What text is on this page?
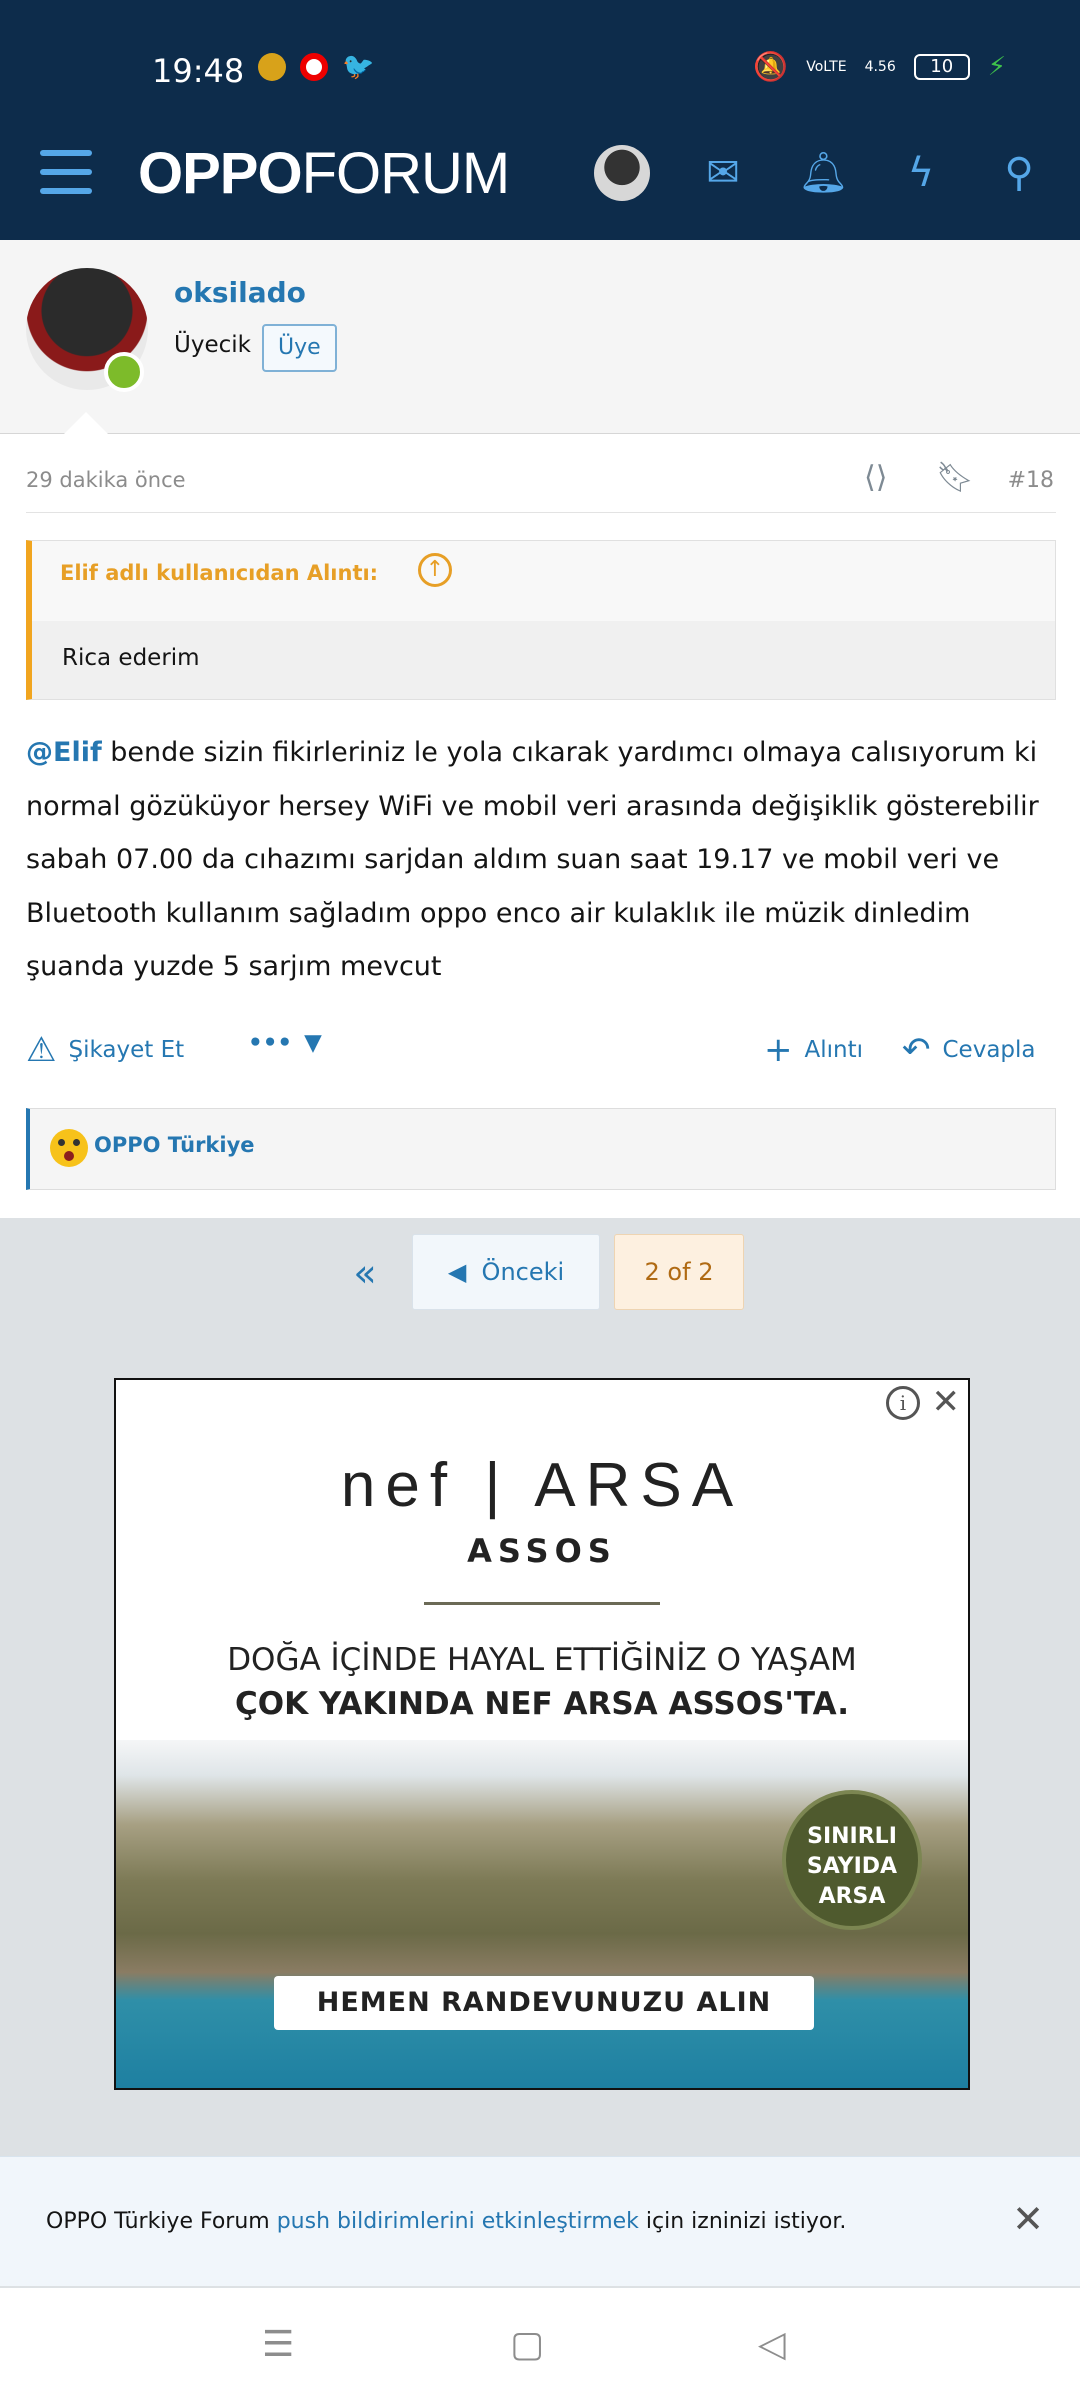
19:48	🐦	🔕 VoLTE 4.56	10	⚡
OPPOFORUM	✉ 🔔︎ ϟ ⚲
oksilado
Üyecik	Üye
29 dakika önce	⟨⟩ 🔖︎ #18
Elif adlı kullanıcıdan Alıntı:	↑
Rica ederim
@Elif bende sizin fikirleriniz le yola cıkarak yardımcı olmaya calısıyorum ki normal gözüküyor hersey WiFi ve mobil veri arasında değişiklik gösterebilir sabah 07.00 da cıhazımı sarjdan aldım suan saat 19.17 ve mobil veri ve Bluetooth kullanım sağladım oppo enco air kulaklık ile müzik dinledim şuanda yuzde 5 sarjım mevcut
⚠ Şikayet Et	••• ▼	+ Alıntı ↶ Cevapla
OPPO Türkiye
«	◀ Önceki	2 of 2
i ✕
nef | ARSA
ASSOS
DOĞA İÇİNDE HAYAL ETTİĞİNİZ O YAŞAM
ÇOK YAKINDA NEF ARSA ASSOS'TA.
SINIRLI
SAYIDA
ARSA
HEMEN RANDEVUNUZU ALIN
OPPO Türkiye Forum push bildirimlerini etkinleştirmek için izninizi istiyor.	✕
☰	▢	◁
